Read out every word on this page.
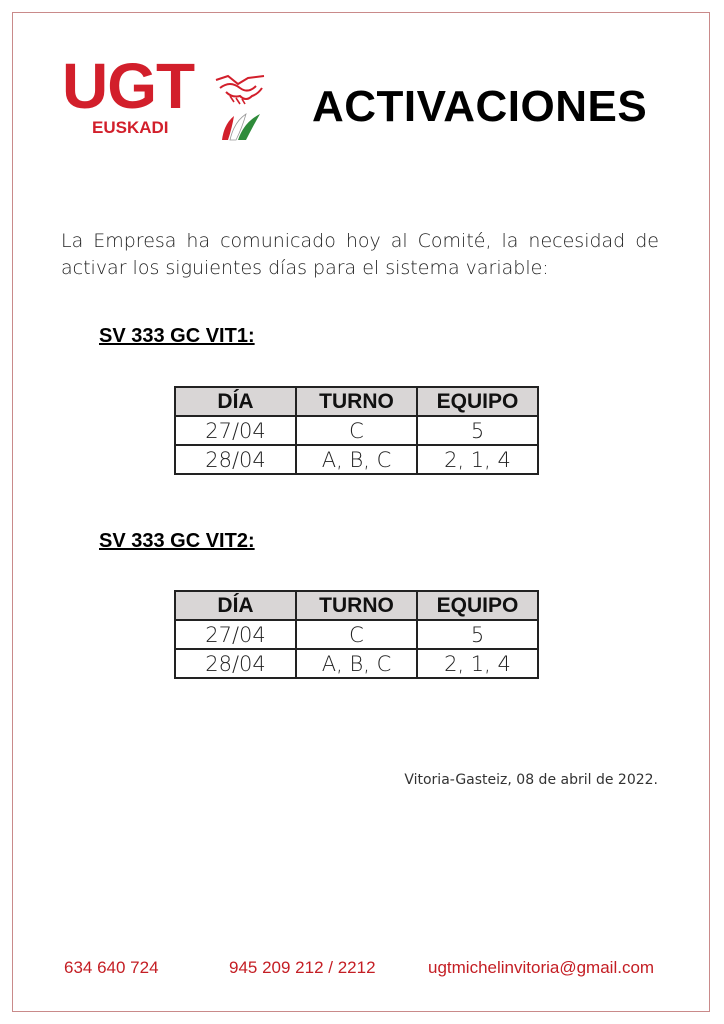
UGT
EUSKADI	ACTIVACIONES
La Empresa ha comunicado hoy al Comité, la necesidad de activar los siguientes días para el sistema variable:
SV 333 GC VIT1:
DÍA	TURNO	EQUIPO
27/04	C	5
28/04	A, B, C	2, 1, 4
SV 333 GC VIT2:
DÍA	TURNO	EQUIPO
27/04	C	5
28/04	A, B, C	2, 1, 4
Vitoria-Gasteiz, 08 de abril de 2022.
634 640 724	945 209 212 / 2212	ugtmichelinvitoria@gmail.com
